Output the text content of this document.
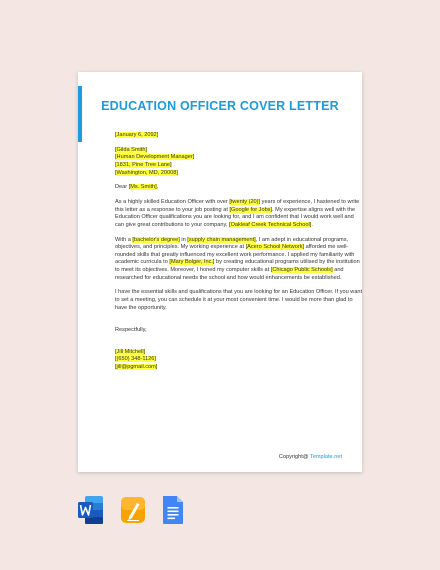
EDUCATION OFFICER COVER LETTER
[January 6, 2092]
[Gilda Smith]
[Human Development Manager]
[1831, Pine Tree Lane]
[Washington, MD, 20008]
Dear [Ms. Smith],
As a highly skilled Education Officer with over [twenty (20)] years of experience, I hastened to write
this letter as a response to your job posting at [Google for Jobs]. My expertise aligns well with the
Education Officer qualifications you are looking for, and I am confident that I would work well and
can give great contributions to your company, [Oakleaf Creek Technical School].
With a [bachelor's degree] in [supply chain management], I am adept in educational programs,
objectives, and principles. My working experience at [Acero School Network] afforded me well-
rounded skills that greatly influenced my excellent work performance. I applied my familiarity with
academic curricula to [Mary Bolger, Inc.] by creating educational programs utilised by the institution
to meet its objectives. Moreover, I honed my computer skills at [Chicago Public Schools] and
researched for educational needs the school and how would enhancements be established.
I have the essential skills and qualifications that you are looking for an Education Officer. If you want
to set a meeting, you can schedule it at your most convenient time. I would be more than glad to
have the opportunity.
Respectfully,
[Jill Mitchell]
[(650) 348-1126]
[jill@pgmail.com]
Copyright@ Template.net
